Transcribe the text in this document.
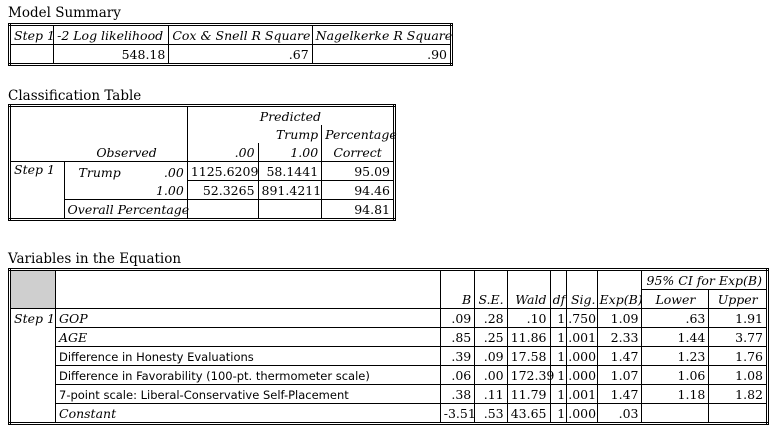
Model Summary
Step 1	-2 Log likelihood	Cox & Snell R Square	Nagelkerke R Square
	548.18	.67	.90
Classification Table
Observed			Predicted		
			Trump		Percentage
			.00	1.00	Correct
Step 1	Trump	.00	1125.6209	58.1441	95.09
		1.00	52.3265	891.4211	94.46
	Overall Percentage				94.81
Variables in the Equation
		B	S.E.	Wald	df	Sig.	Exp(B)	95% CI for Exp(B)	
								Lower	Upper
Step 1	GOP	.09	.28	.10	1	.750	1.09	.63	1.91
	AGE	.85	.25	11.86	1	.001	2.33	1.44	3.77
	Difference in Honesty Evaluations	.39	.09	17.58	1	.000	1.47	1.23	1.76
	Difference in Favorability (100-pt. thermometer scale)	.06	.00	172.39	1	.000	1.07	1.06	1.08
	7-point scale: Liberal-Conservative Self-Placement	.38	.11	11.79	1	.001	1.47	1.18	1.82
	Constant	-3.51	.53	43.65	1	.000	.03		
